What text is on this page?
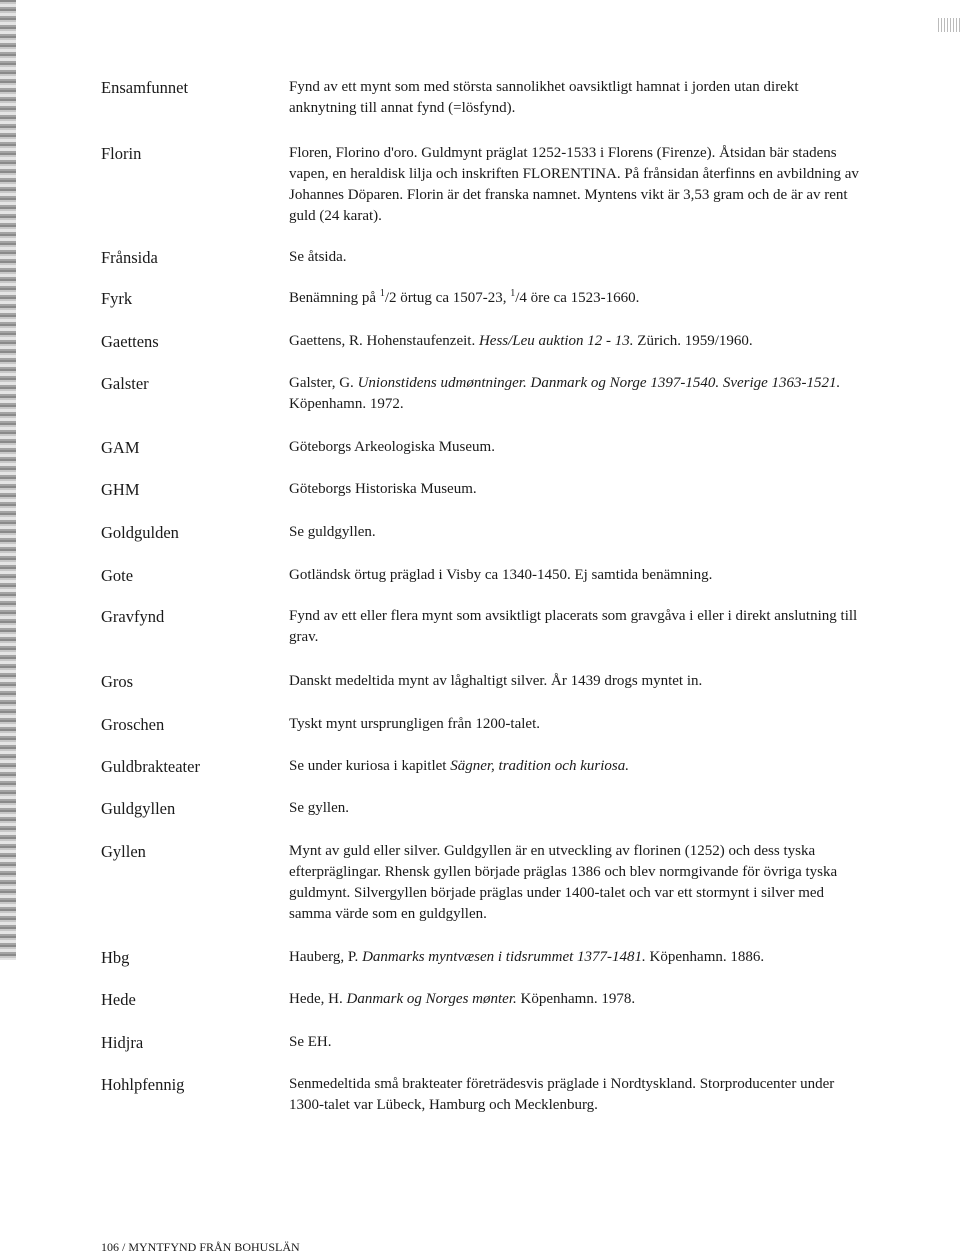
Ensamfunnet	Fynd av ett mynt som med största sannolikhet oavsiktligt hamnat i jorden utan direkt anknytning till annat fynd (=lösfynd).
Florin	Floren, Florino d'oro. Guldmynt präglat 1252-1533 i Florens (Firenze). Åtsidan bär stadens vapen, en heraldisk lilja och inskriften FLORENTINA. På frånsidan återfinns en avbildning av Johannes Döparen. Florin är det franska namnet. Myntens vikt är 3,53 gram och de är av rent guld (24 karat).
Frånsida	Se åtsida.
Fyrk	Benämning på $^1$/2 örtug ca 1507-23, $^1$/4 öre ca 1523-1660.
Gaettens	Gaettens, R. Hohenstaufenzeit. Hess/Leu auktion 12 - 13. Zürich. 1959/1960.
Galster	Galster, G. Unionstidens udmøntninger. Danmark og Norge 1397-1540. Sverige 1363-1521. Köpenhamn. 1972.
GAM	Göteborgs Arkeologiska Museum.
GHM	Göteborgs Historiska Museum.
Goldgulden	Se guldgyllen.
Gote	Gotländsk örtug präglad i Visby ca 1340-1450. Ej samtida benämning.
Gravfynd	Fynd av ett eller flera mynt som avsiktligt placerats som gravgåva i eller i direkt anslutning till grav.
Gros	Danskt medeltida mynt av låghaltigt silver. År 1439 drogs myntet in.
Groschen	Tyskt mynt ursprungligen från 1200-talet.
Guldbrakteater	Se under kuriosa i kapitlet Sägner, tradition och kuriosa.
Guldgyllen	Se gyllen.
Gyllen	Mynt av guld eller silver. Guldgyllen är en utveckling av florinen (1252) och dess tyska efterpräglingar. Rhensk gyllen började präglas 1386 och blev normgivande för övriga tyska guldmynt. Silvergyllen började präglas under 1400-talet och var ett stormynt i silver med samma värde som en guldgyllen.
Hbg	Hauberg, P. Danmarks myntvæsen i tidsrummet 1377-1481. Köpenhamn. 1886.
Hede	Hede, H. Danmark og Norges mønter. Köpenhamn. 1978.
Hidjra	Se EH.
Hohlpfennig	Senmedeltida små brakteater företrädesvis präglade i Nordtyskland. Storproducenter under 1300-talet var Lübeck, Hamburg och Mecklenburg.
106 / MYNTFYND FRÅN BOHUSLÄN
